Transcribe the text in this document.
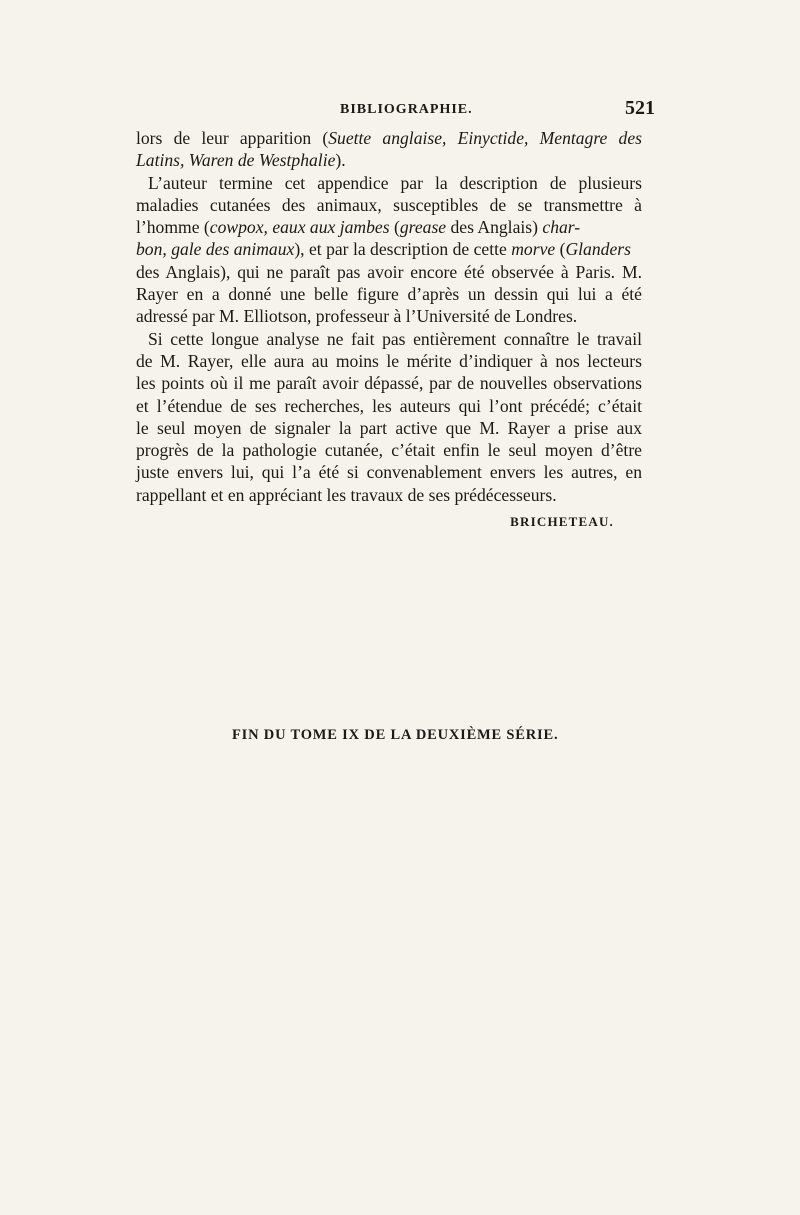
BIBLIOGRAPHIE.	521
lors de leur apparition (Suette anglaise, Einyctide, Mentagre des
Latins, Waren de Westphalie).
L’auteur termine cet appendice par la description de plusieurs
maladies cutanées des animaux, susceptibles de se transmettre à
l’homme (cowpox, eaux aux jambes (grease des Anglais) char-
bon, gale des animaux), et par la description de cette morve (Glanders
des Anglais), qui ne paraît pas avoir encore été observée à Paris. M.
Rayer en a donné une belle figure d’après un dessin qui lui a été
adressé par M. Elliotson, professeur à l’Université de Londres.
Si cette longue analyse ne fait pas entièrement connaître le travail
de M. Rayer, elle aura au moins le mérite d’indiquer à nos lecteurs
les points où il me paraît avoir dépassé, par de nouvelles observations
et l’étendue de ses recherches, les auteurs qui l’ont précédé; c’était
le seul moyen de signaler la part active que M. Rayer a prise aux
progrès de la pathologie cutanée, c’était enfin le seul moyen d’être
juste envers lui, qui l’a été si convenablement envers les autres, en
rappellant et en appréciant les travaux de ses prédécesseurs.
BRICHETEAU.
FIN DU TOME IX DE LA DEUXIÈME SÉRIE.
